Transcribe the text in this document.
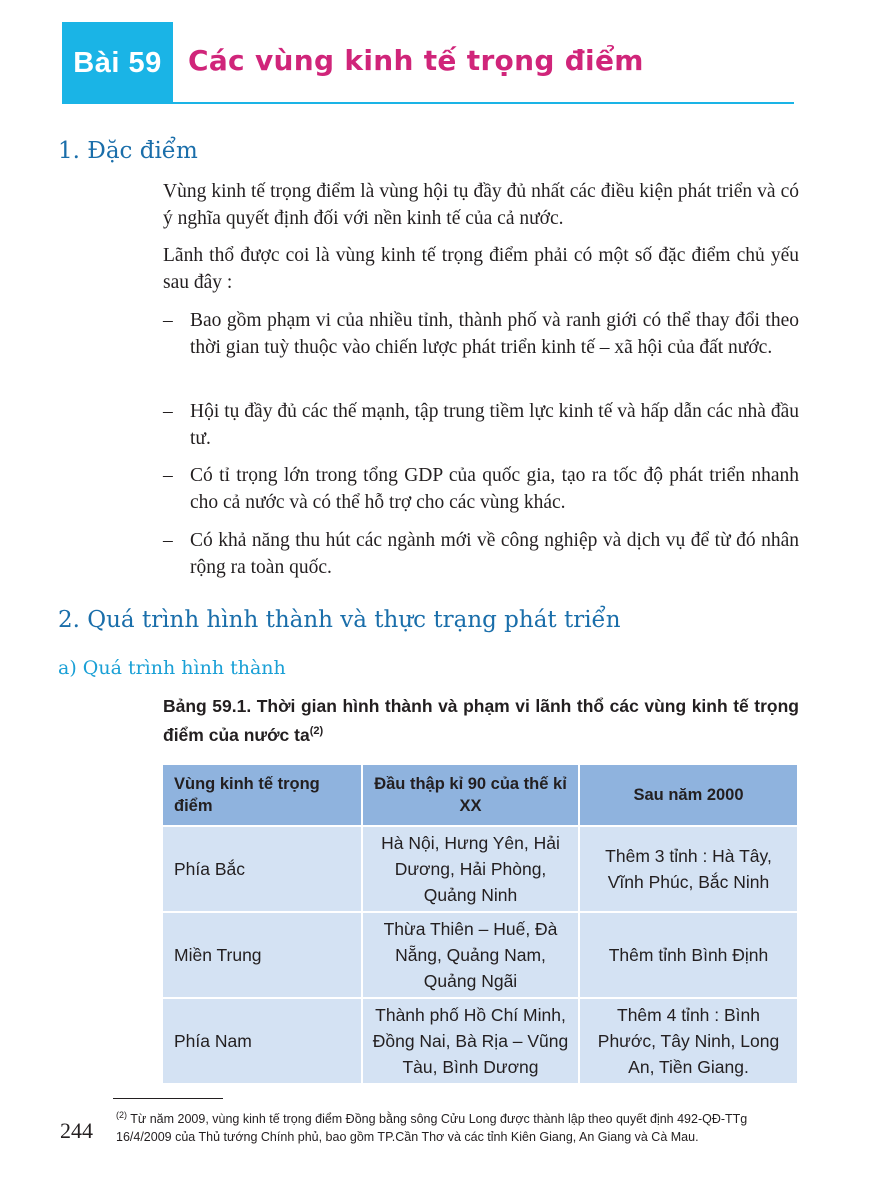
Bài 59 Các vùng kinh tế trọng điểm
1. Đặc điểm
Vùng kinh tế trọng điểm là vùng hội tụ đầy đủ nhất các điều kiện phát triển và có ý nghĩa quyết định đối với nền kinh tế của cả nước.
Lãnh thổ được coi là vùng kinh tế trọng điểm phải có một số đặc điểm chủ yếu sau đây :
– Bao gồm phạm vi của nhiều tỉnh, thành phố và ranh giới có thể thay đổi theo thời gian tuỳ thuộc vào chiến lược phát triển kinh tế – xã hội của đất nước.
– Hội tụ đầy đủ các thế mạnh, tập trung tiềm lực kinh tế và hấp dẫn các nhà đầu tư.
– Có tỉ trọng lớn trong tổng GDP của quốc gia, tạo ra tốc độ phát triển nhanh cho cả nước và có thể hỗ trợ cho các vùng khác.
– Có khả năng thu hút các ngành mới về công nghiệp và dịch vụ để từ đó nhân rộng ra toàn quốc.
2. Quá trình hình thành và thực trạng phát triển
a) Quá trình hình thành
Bảng 59.1. Thời gian hình thành và phạm vi lãnh thổ các vùng kinh tế trọng điểm của nước $ta^{(2)}$
Vùng kinh tế trọng điểm	Đầu thập kỉ 90 của thế kỉ XX	Sau năm 2000
Phía Bắc	Hà Nội, Hưng Yên, Hải Dương, Hải Phòng, Quảng Ninh	Thêm 3 tỉnh : Hà Tây, Vĩnh Phúc, Bắc Ninh
Miền Trung	Thừa Thiên – Huế, Đà Nẵng, Quảng Nam, Quảng Ngãi	Thêm tỉnh Bình Định
Phía Nam	Thành phố Hồ Chí Minh, Đồng Nai, Bà Rịa – Vũng Tàu, Bình Dương	Thêm 4 tỉnh : Bình Phước, Tây Ninh, Long An, Tiền Giang.
244
$^{(2)}$ Từ năm 2009, vùng kinh tế trọng điểm Đồng bằng sông Cửu Long được thành lập theo quyết định 492-QĐ-TTg 16/4/2009 của Thủ tướng Chính phủ, bao gồm TP.Cần Thơ và các tỉnh Kiên Giang, An Giang và Cà Mau.
